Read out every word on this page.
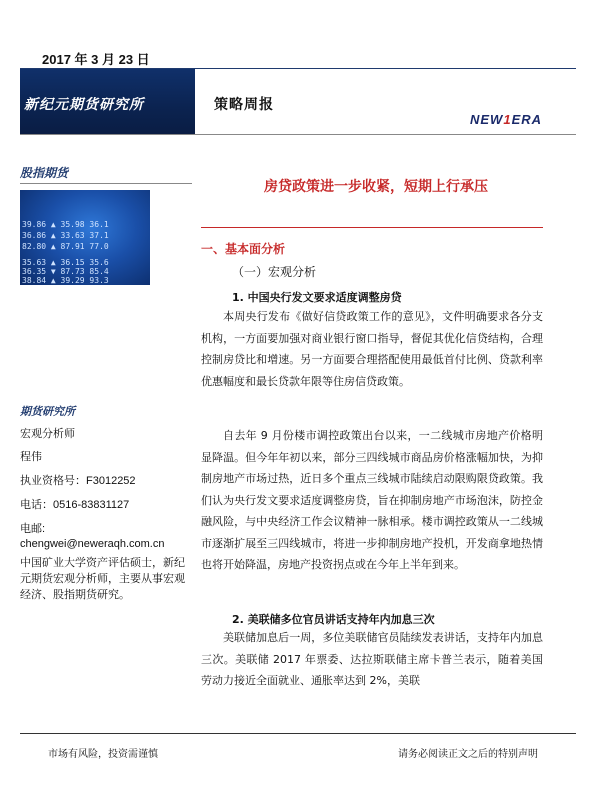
2017 年 3 月 23 日
新纪元期货研究所	策略周报
NEW1ERA
股指期货
39.86 ▲ 35.98 36.1
36.86 ▲ 33.63 37.1
82.80 ▲ 87.91 77.0
35.63 ▲ 36.15 35.6
36.35 ▼ 87.73 85.4
38.84 ▲ 39.29 93.3
期货研究所
宏观分析师
程伟
执业资格号：F3012252
电话：0516-83831127
电邮:
chengwei@neweraqh.com.cn
中国矿业大学资产评估硕士，新纪元期货宏观分析师，主要从事宏观经济、股指期货研究。
房贷政策进一步收紧，短期上行承压
一、基本面分析
（一）宏观分析
1. 中国央行发文要求适度调整房贷
本周央行发布《做好信贷政策工作的意见》，文件明确要求各分支机构，一方面要加强对商业银行窗口指导，督促其优化信贷结构，合理控制房贷比和增速。另一方面要合理搭配使用最低首付比例、贷款利率优惠幅度和最长贷款年限等住房信贷政策。
自去年 9 月份楼市调控政策出台以来，一二线城市房地产价格明显降温。但今年年初以来，部分三四线城市商品房价格涨幅加快，为抑制房地产市场过热，近日多个重点三线城市陆续启动限购限贷政策。我们认为央行发文要求适度调整房贷，旨在抑制房地产市场泡沫，防控金融风险，与中央经济工作会议精神一脉相承。楼市调控政策从一二线城市逐渐扩展至三四线城市，将进一步抑制房地产投机，开发商拿地热情也将开始降温，房地产投资拐点或在今年上半年到来。
2. 美联储多位官员讲话支持年内加息三次
美联储加息后一周，多位美联储官员陆续发表讲话，支持年内加息三次。美联储 2017 年票委、达拉斯联储主席卡普兰表示，随着美国劳动力接近全面就业、通胀率达到 2%，美联
市场有风险，投资需谨慎	请务必阅读正文之后的特别声明
